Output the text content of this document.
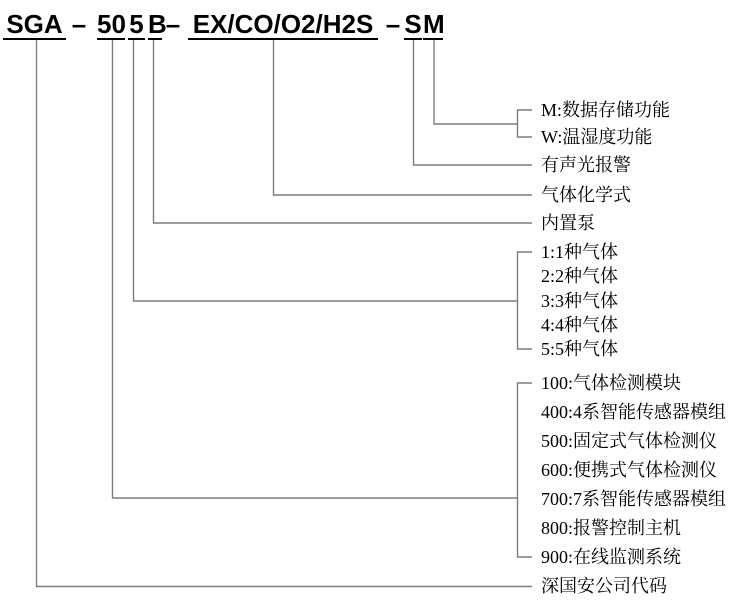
SGA – 50 5 B
– EX/CO/O2/H2S – S M
M:数据存储功能
W:温湿度功能
有声光报警
气体化学式
内置泵
1:1种气体
2:2种气体
3:3种气体
4:4种气体
5:5种气体
100:气体检测模块
400:4系智能传感器模组
500:固定式气体检测仪
600:便携式气体检测仪
700:7系智能传感器模组
800:报警控制主机
900:在线监测系统
深国安公司代码
